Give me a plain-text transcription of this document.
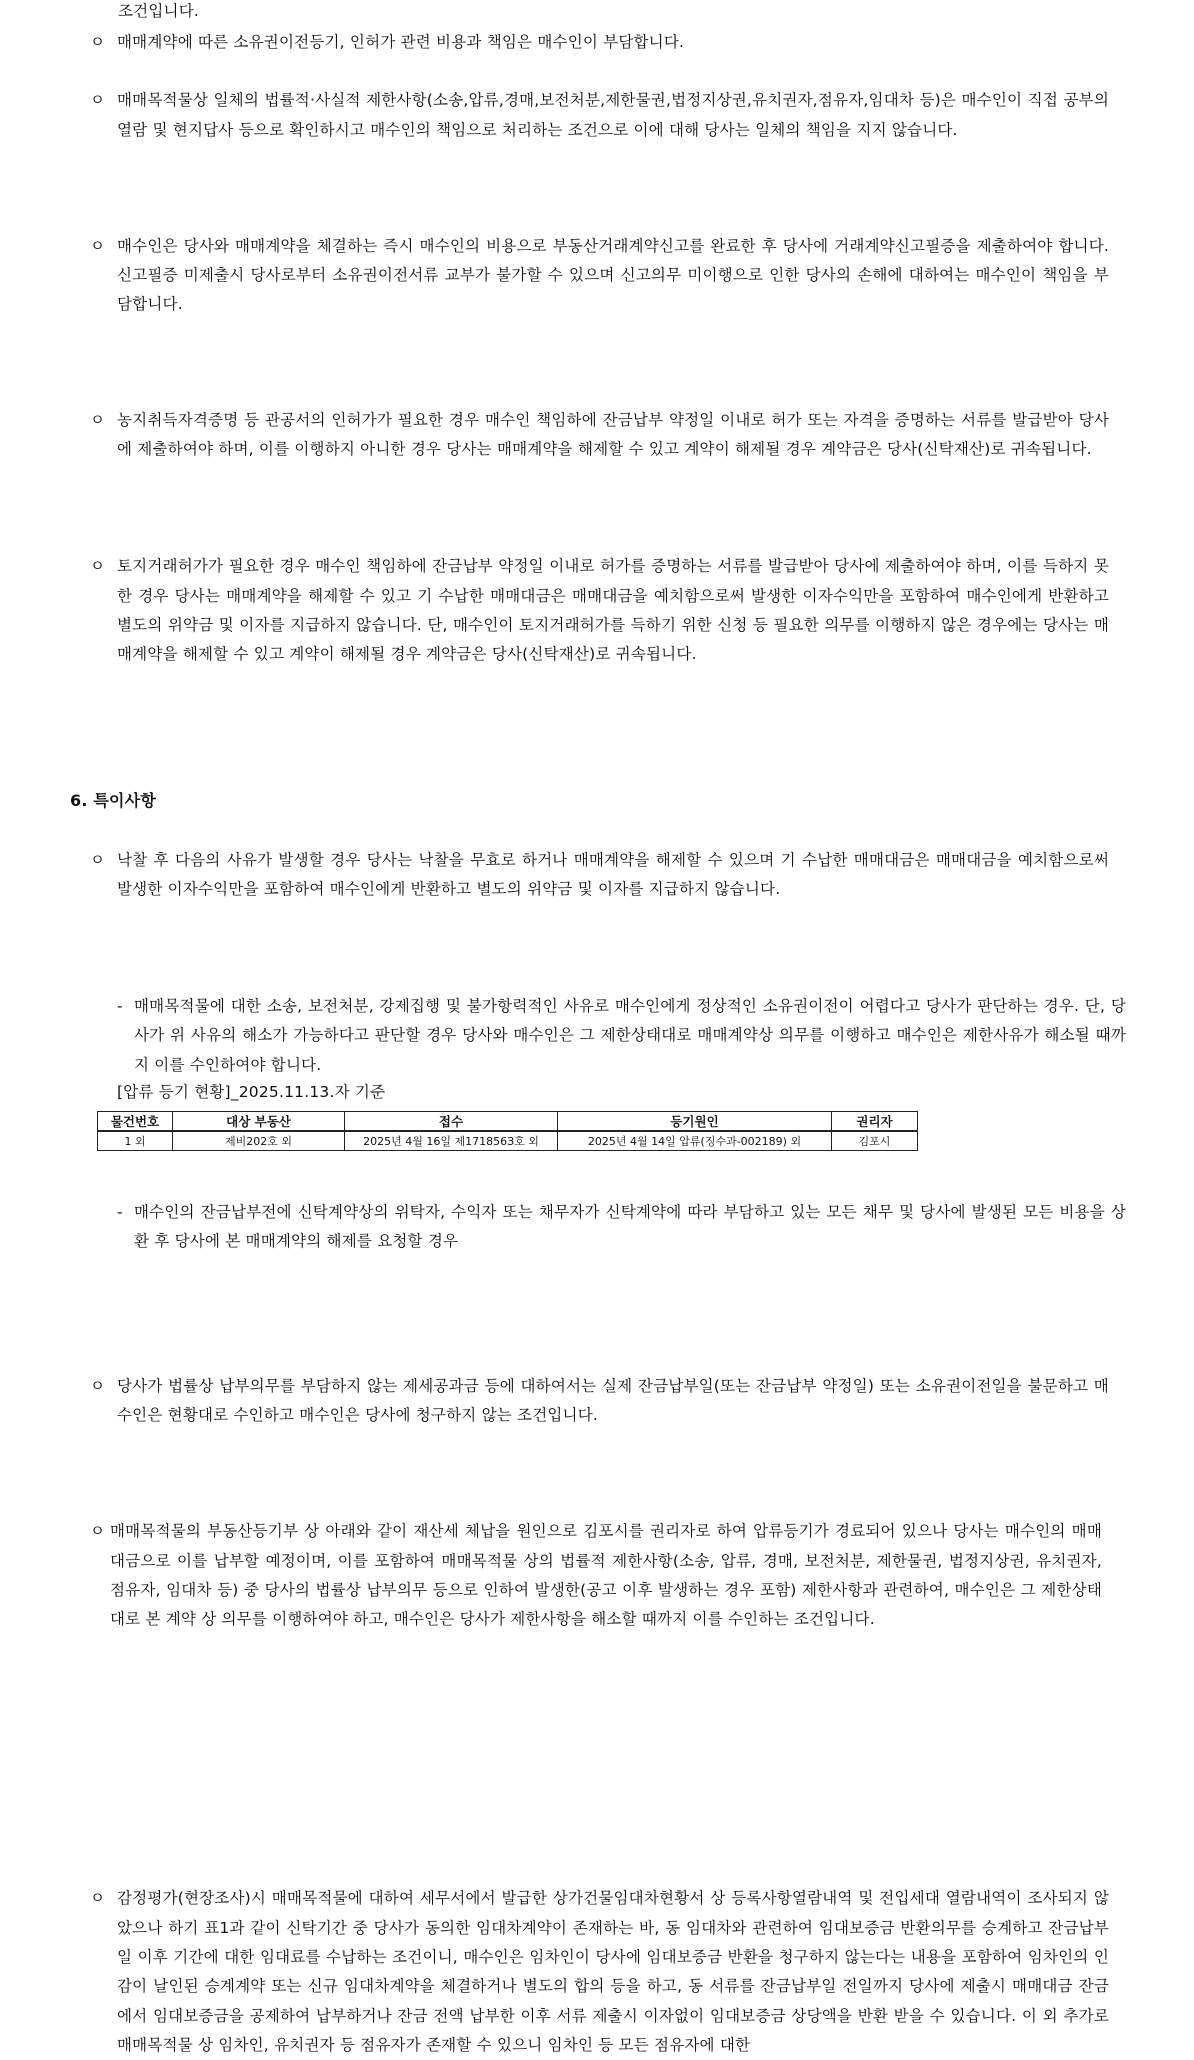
조건입니다.
ㅇ 매매계약에 따른 소유권이전등기, 인허가 관련 비용과 책임은 매수인이 부담합니다.
ㅇ 매매목적물상 일체의 법률적·사실적 제한사항(소송,압류,경매,보전처분,제한물권,법정지상권,유치권자,점유자,임대차 등)은 매수인이 직접 공부의 열람 및 현지답사 등으로 확인하시고 매수인의 책임으로 처리하는 조건으로 이에 대해 당사는 일체의 책임을 지지 않습니다.
ㅇ 매수인은 당사와 매매계약을 체결하는 즉시 매수인의 비용으로 부동산거래계약신고를 완료한 후 당사에 거래계약신고필증을 제출하여야 합니다. 신고필증 미제출시 당사로부터 소유권이전서류 교부가 불가할 수 있으며 신고의무 미이행으로 인한 당사의 손해에 대하여는 매수인이 책임을 부담합니다.
ㅇ 농지취득자격증명 등 관공서의 인허가가 필요한 경우 매수인 책임하에 잔금납부 약정일 이내로 허가 또는 자격을 증명하는 서류를 발급받아 당사에 제출하여야 하며, 이를 이행하지 아니한 경우 당사는 매매계약을 해제할 수 있고 계약이 해제될 경우 계약금은 당사(신탁재산)로 귀속됩니다.
ㅇ 토지거래허가가 필요한 경우 매수인 책임하에 잔금납부 약정일 이내로 허가를 증명하는 서류를 발급받아 당사에 제출하여야 하며, 이를 득하지 못한 경우 당사는 매매계약을 해제할 수 있고 기 수납한 매매대금은 매매대금을 예치함으로써 발생한 이자수익만을 포함하여 매수인에게 반환하고 별도의 위약금 및 이자를 지급하지 않습니다. 단, 매수인이 토지거래허가를 득하기 위한 신청 등 필요한 의무를 이행하지 않은 경우에는 당사는 매매계약을 해제할 수 있고 계약이 해제될 경우 계약금은 당사(신탁재산)로 귀속됩니다.
ㅇ 낙찰 후 다음의 사유가 발생할 경우 당사는 낙찰을 무효로 하거나 매매계약을 해제할 수 있으며 기 수납한 매매대금은 매매대금을 예치함으로써 발생한 이자수익만을 포함하여 매수인에게 반환하고 별도의 위약금 및 이자를 지급하지 않습니다.
- 매매목적물에 대한 소송, 보전처분, 강제집행 및 불가항력적인 사유로 매수인에게 정상적인 소유권이전이 어렵다고 당사가 판단하는 경우. 단, 당사가 위 사유의 해소가 가능하다고 판단할 경우 당사와 매수인은 그 제한상태대로 매매계약상 의무를 이행하고 매수인은 제한사유가 해소될 때까지 이를 수인하여야 합니다.
- 매수인의 잔금납부전에 신탁계약상의 위탁자, 수익자 또는 채무자가 신탁계약에 따라 부담하고 있는 모든 채무 및 당사에 발생된 모든 비용을 상환 후 당사에 본 매매계약의 해제를 요청할 경우
6. 특이사항
ㅇ 당사가 법률상 납부의무를 부담하지 않는 제세공과금 등에 대하여서는 실제 잔금납부일(또는 잔금납부 약정일) 또는 소유권이전일을 불문하고 매수인은 현황대로 수인하고 매수인은 당사에 청구하지 않는 조건입니다.
ㅇ 매매목적물의 부동산등기부 상 아래와 같이 재산세 체납을 원인으로 김포시를 권리자로 하여 압류등기가 경료되어 있으나 당사는 매수인의 매매대금으로 이를 납부할 예정이며, 이를 포함하여 매매목적물 상의 법률적 제한사항(소송, 압류, 경매, 보전처분, 제한물권, 법정지상권, 유치권자, 점유자, 임대차 등) 중 당사의 법률상 납부의무 등으로 인하여 발생한(공고 이후 발생하는 경우 포함) 제한사항과 관련하여, 매수인은 그 제한상태대로 본 계약 상 의무를 이행하여야 하고, 매수인은 당사가 제한사항을 해소할 때까지 이를 수인하는 조건입니다.
[압류 등기 현황]_2025.11.13.자 기준
물건번호	대상 부동산	접수	등기원인	권리자
1 외	제비202호 외	2025년 4월 16일 제171856З호 외	2025년 4월 14일 압류(징수과-002189) 외	김포시
ㅇ 감정평가(현장조사)시 매매목적물에 대하여 세무서에서 발급한 상가건물임대차현황서 상 등록사항열람내역 및 전입세대 열람내역이 조사되지 않았으나 하기 표1과 같이 신탁기간 중 당사가 동의한 임대차계약이 존재하는 바, 동 임대차와 관련하여 임대보증금 반환의무를 승계하고 잔금납부일 이후 기간에 대한 임대료를 수납하는 조건이니, 매수인은 임차인이 당사에 임대보증금 반환을 청구하지 않는다는 내용을 포함하여 임차인의 인감이 날인된 승계계약 또는 신규 임대차계약을 체결하거나 별도의 합의 등을 하고, 동 서류를 잔금납부일 전일까지 당사에 제출시 매매대금 잔금에서 임대보증금을 공제하여 납부하거나 잔금 전액 납부한 이후 서류 제출시 이자없이 임대보증금 상당액을 반환 받을 수 있습니다. 이 외 추가로 매매목적물 상 임차인, 유치권자 등 점유자가 존재할 수 있으니 임차인 등 모든 점유자에 대한
